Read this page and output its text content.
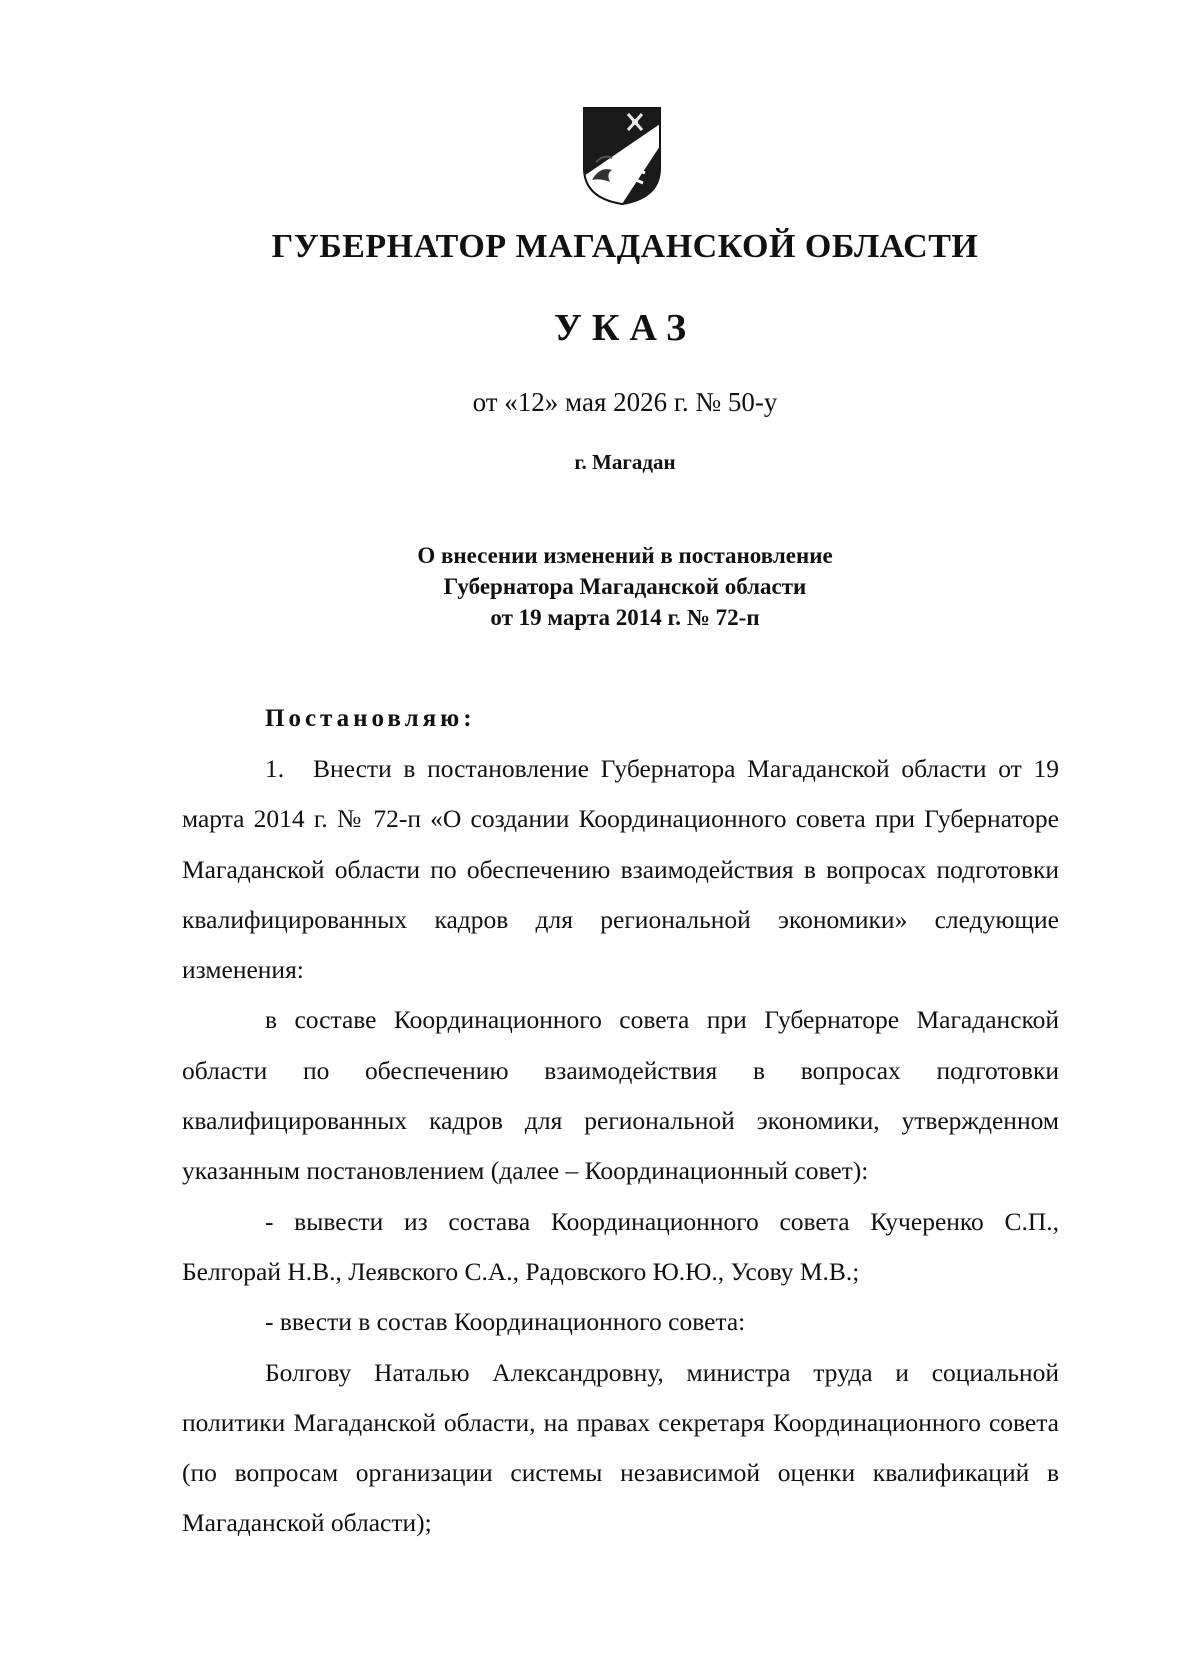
ГУБЕРНАТОР МАГАДАНСКОЙ ОБЛАСТИ
УКАЗ
от «12» мая 2026 г. № 50-у
г. Магадан
О внесении изменений в постановление
Губернатора Магаданской области
от 19 марта 2014 г. № 72-п
Постановляю:

1. Внести в постановление Губернатора Магаданской области от 19 марта 2014 г. № 72-п «О создании Координационного совета при Губернаторе Магаданской области по обеспечению взаимодействия в вопросах подготовки квалифицированных кадров для региональной экономики» следующие изменения:

в составе Координационного совета при Губернаторе Магаданской области по обеспечению взаимодействия в вопросах подготовки квалифицированных кадров для региональной экономики, утвержденном указанным постановлением (далее – Координационный совет):

- вывести из состава Координационного совета Кучеренко С.П., Белгорай Н.В., Леявского С.А., Радовского Ю.Ю., Усову М.В.;

- ввести в состав Координационного совета:

Болгову Наталью Александровну, министра труда и социальной политики Магаданской области, на правах секретаря Координационного совета (по вопросам организации системы независимой оценки квалификаций в Магаданской области);
